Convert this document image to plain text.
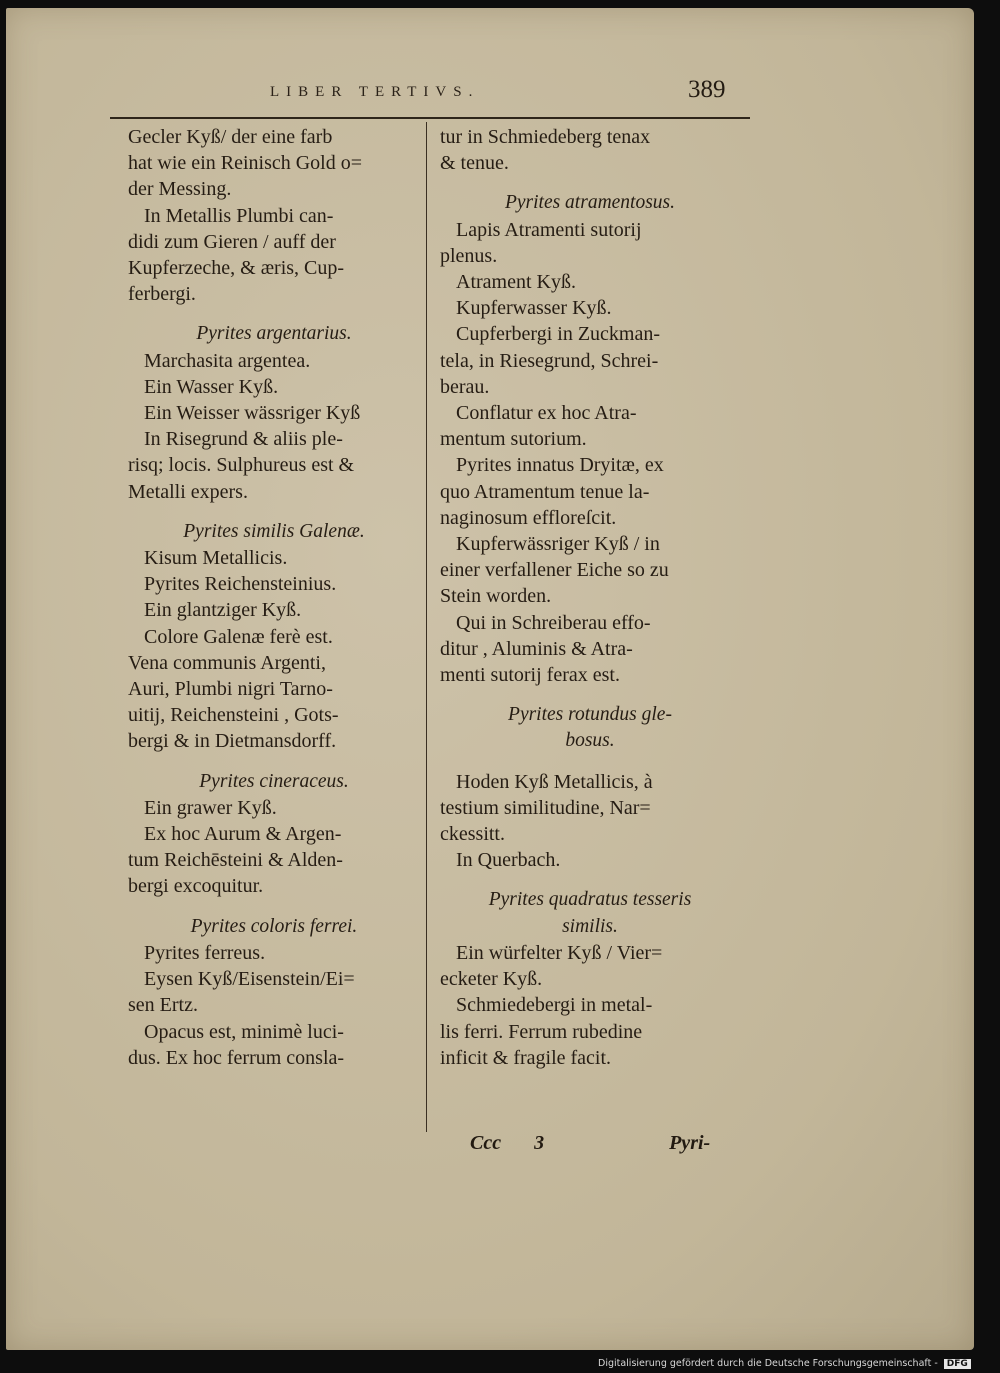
LIBER TERTIVS.	389
Gecler Kyß/ der eine farb
hat wie ein Reinisch Gold o=
der Messing.
In Metallis Plumbi can-
didi zum Gieren / auff der
Kupferzeche, & æris, Cup-
ferbergi.
Pyrites argentarius.
Marchasita argentea.
Ein Wasser Kyß.
Ein Weisser wässriger Kyß
In Risegrund & aliis ple-
risq; locis. Sulphureus est &
Metalli expers.
Pyrites similis Galenæ.
Kisum Metallicis.
Pyrites Reichensteinius.
Ein glantziger Kyß.
Colore Galenæ ferè est.
Vena communis Argenti,
Auri, Plumbi nigri Tarno-
uitij, Reichensteini , Gots-
bergi & in Dietmansdorff.
Pyrites cineraceus.
Ein grawer Kyß.
Ex hoc Aurum & Argen-
tum Reichēsteini & Alden-
bergi excoquitur.
Pyrites coloris ferrei.
Pyrites ferreus.
Eysen Kyß/Eisenstein/Ei=
sen Ertz.
Opacus est, minimè luci-
dus. Ex hoc ferrum consla-
tur in Schmiedeberg tenax
& tenue.
Pyrites atramentosus.
Lapis Atramenti sutorij
plenus.
Atrament Kyß.
Kupferwasser Kyß.
Cupferbergi in Zuckman-
tela, in Riesegrund, Schrei-
berau.
Conflatur ex hoc Atra-
mentum sutorium.
Pyrites innatus Dryitæ, ex
quo Atramentum tenue la-
naginosum effloreſcit.
Kupferwässriger Kyß / in
einer verfallener Eiche so zu
Stein worden.
Qui in Schreiberau effo-
ditur , Aluminis & Atra-
menti sutorij ferax est.
Pyrites rotundus gle-
bosus.
Hoden Kyß Metallicis, à
testium similitudine, Nar=
ckessitt.
In Querbach.
Pyrites quadratus tesseris
similis.
Ein würfelter Kyß / Vier=
ecketer Kyß.
Schmiedebergi in metal-
lis ferri. Ferrum rubedine
inficit & fragile facit.
Ccc 3	Pyri-
Digitalisierung gefördert durch die Deutsche Forschungsgemeinschaft - DFG
